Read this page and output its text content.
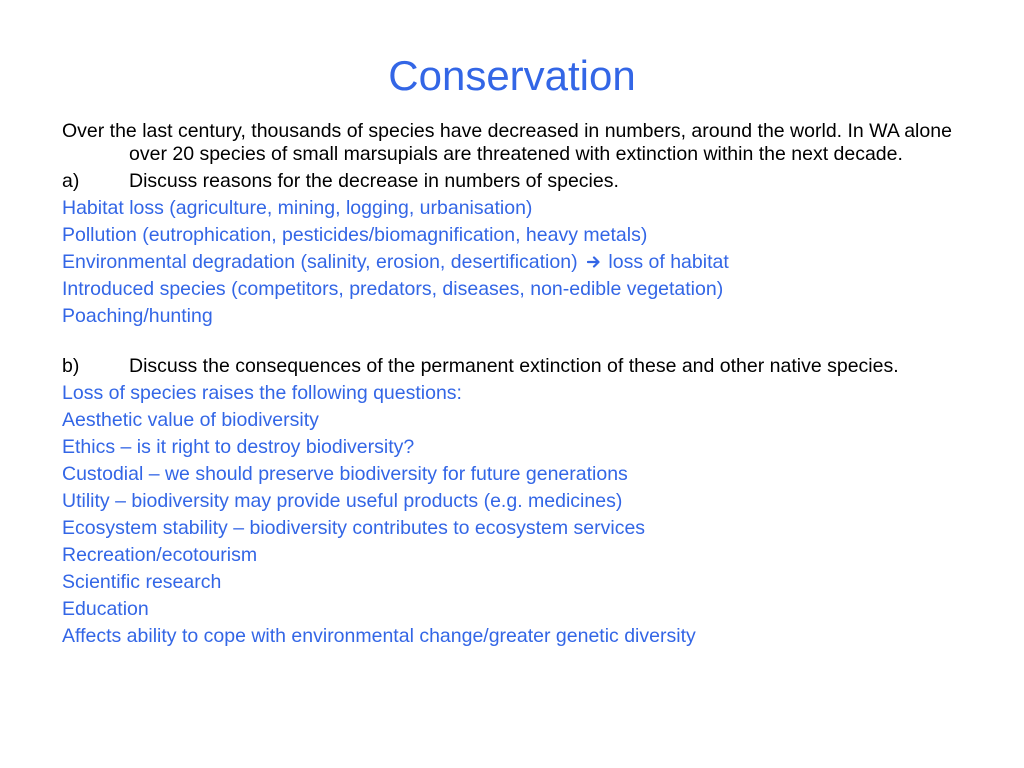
Conservation

Over the last century, thousands of species have decreased in numbers, around the world. In WA alone over 20 species of small marsupials are threatened with extinction within the next decade.

a)	Discuss reasons for the decrease in numbers of species.
Habitat loss (agriculture, mining, logging, urbanisation)
Pollution (eutrophication, pesticides/biomagnification, heavy metals)
Environmental degradation (salinity, erosion, desertification) loss of habitat
Introduced species (competitors, predators, diseases, non-edible vegetation)
Poaching/hunting
b)	Discuss the consequences of the permanent extinction of these and other native species.
Loss of species raises the following questions:
Aesthetic value of biodiversity
Ethics – is it right to destroy biodiversity?
Custodial – we should preserve biodiversity for future generations
Utility – biodiversity may provide useful products (e.g. medicines)
Ecosystem stability – biodiversity contributes to ecosystem services
Recreation/ecotourism
Scientific research
Education
Affects ability to cope with environmental change/greater genetic diversity
